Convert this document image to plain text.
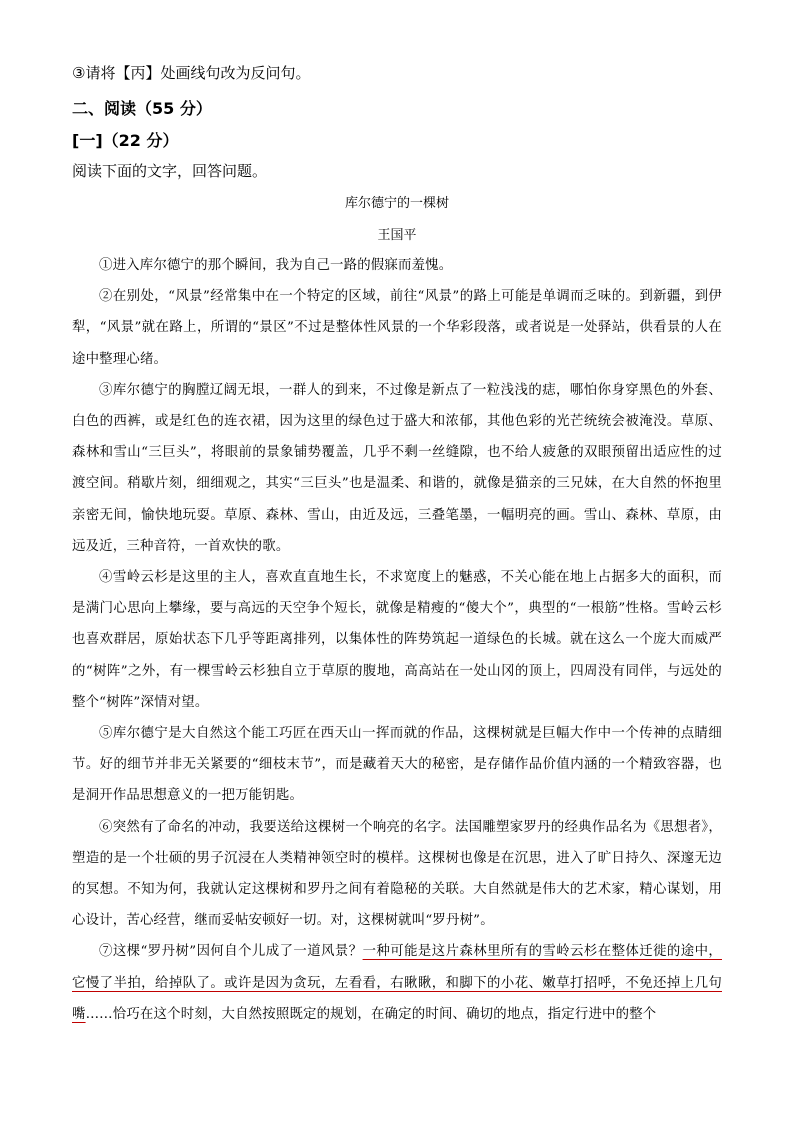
③请将【丙】处画线句改为反问句。
二、阅读（55 分）
[一]（22 分）
阅读下面的文字，回答问题。
库尔德宁的一棵树
王国平

①进入库尔德宁的那个瞬间，我为自己一路的假寐而羞愧。

②在别处，“风景”经常集中在一个特定的区域，前往“风景”的路上可能是单调而乏味的。到新疆，到伊犁，“风景”就在路上，所谓的“景区”不过是整体性风景的一个华彩段落，或者说是一处驿站，供看景的人在途中整理心绪。

③库尔德宁的胸膛辽阔无垠，一群人的到来，不过像是新点了一粒浅浅的痣，哪怕你身穿黑色的外套、白色的西裤，或是红色的连衣裙，因为这里的绿色过于盛大和浓郁，其他色彩的光芒统统会被淹没。草原、森林和雪山“三巨头”，将眼前的景象铺势覆盖，几乎不剩一丝缝隙，也不给人疲惫的双眼预留出适应性的过渡空间。稍歇片刻，细细观之，其实“三巨头”也是温柔、和谐的，就像是猫亲的三兄妹，在大自然的怀抱里亲密无间，愉快地玩耍。草原、森林、雪山，由近及远，三叠笔墨，一幅明亮的画。雪山、森林、草原，由远及近，三种音符，一首欢快的歌。

④雪岭云杉是这里的主人，喜欢直直地生长，不求宽度上的魅惑，不关心能在地上占据多大的面积，而是满门心思向上攀缘，要与高远的天空争个短长，就像是精瘦的“傻大个”，典型的“一根筋”性格。雪岭云杉也喜欢群居，原始状态下几乎等距离排列，以集体性的阵势筑起一道绿色的长城。就在这么一个庞大而威严的“树阵”之外，有一棵雪岭云杉独自立于草原的腹地，高高站在一处山冈的顶上，四周没有同伴，与远处的整个“树阵”深情对望。

⑤库尔德宁是大自然这个能工巧匠在西天山一挥而就的作品，这棵树就是巨幅大作中一个传神的点睛细节。好的细节并非无关紧要的“细枝末节”，而是藏着天大的秘密，是存储作品价值内涵的一个精致容器，也是洞开作品思想意义的一把万能钥匙。

⑥突然有了命名的冲动，我要送给这棵树一个响亮的名字。法国雕塑家罗丹的经典作品名为《思想者》，塑造的是一个壮硕的男子沉浸在人类精神领空时的模样。这棵树也像是在沉思，进入了旷日持久、深邃无边的冥想。不知为何，我就认定这棵树和罗丹之间有着隐秘的关联。大自然就是伟大的艺术家，精心谋划，用心设计，苦心经营，继而妥帖安顿好一切。对，这棵树就叫“罗丹树”。

⑦这棵“罗丹树”因何自个儿成了一道风景？一种可能是这片森林里所有的雪岭云杉在整体迁徙的途中，它慢了半拍，给掉队了。或许是因为贪玩，左看看，右瞅瞅，和脚下的小花、嫩草打招呼，不免还掉上几句嘴……恰巧在这个时刻，大自然按照既定的规划，在确定的时间、确切的地点，指定行进中的整个
